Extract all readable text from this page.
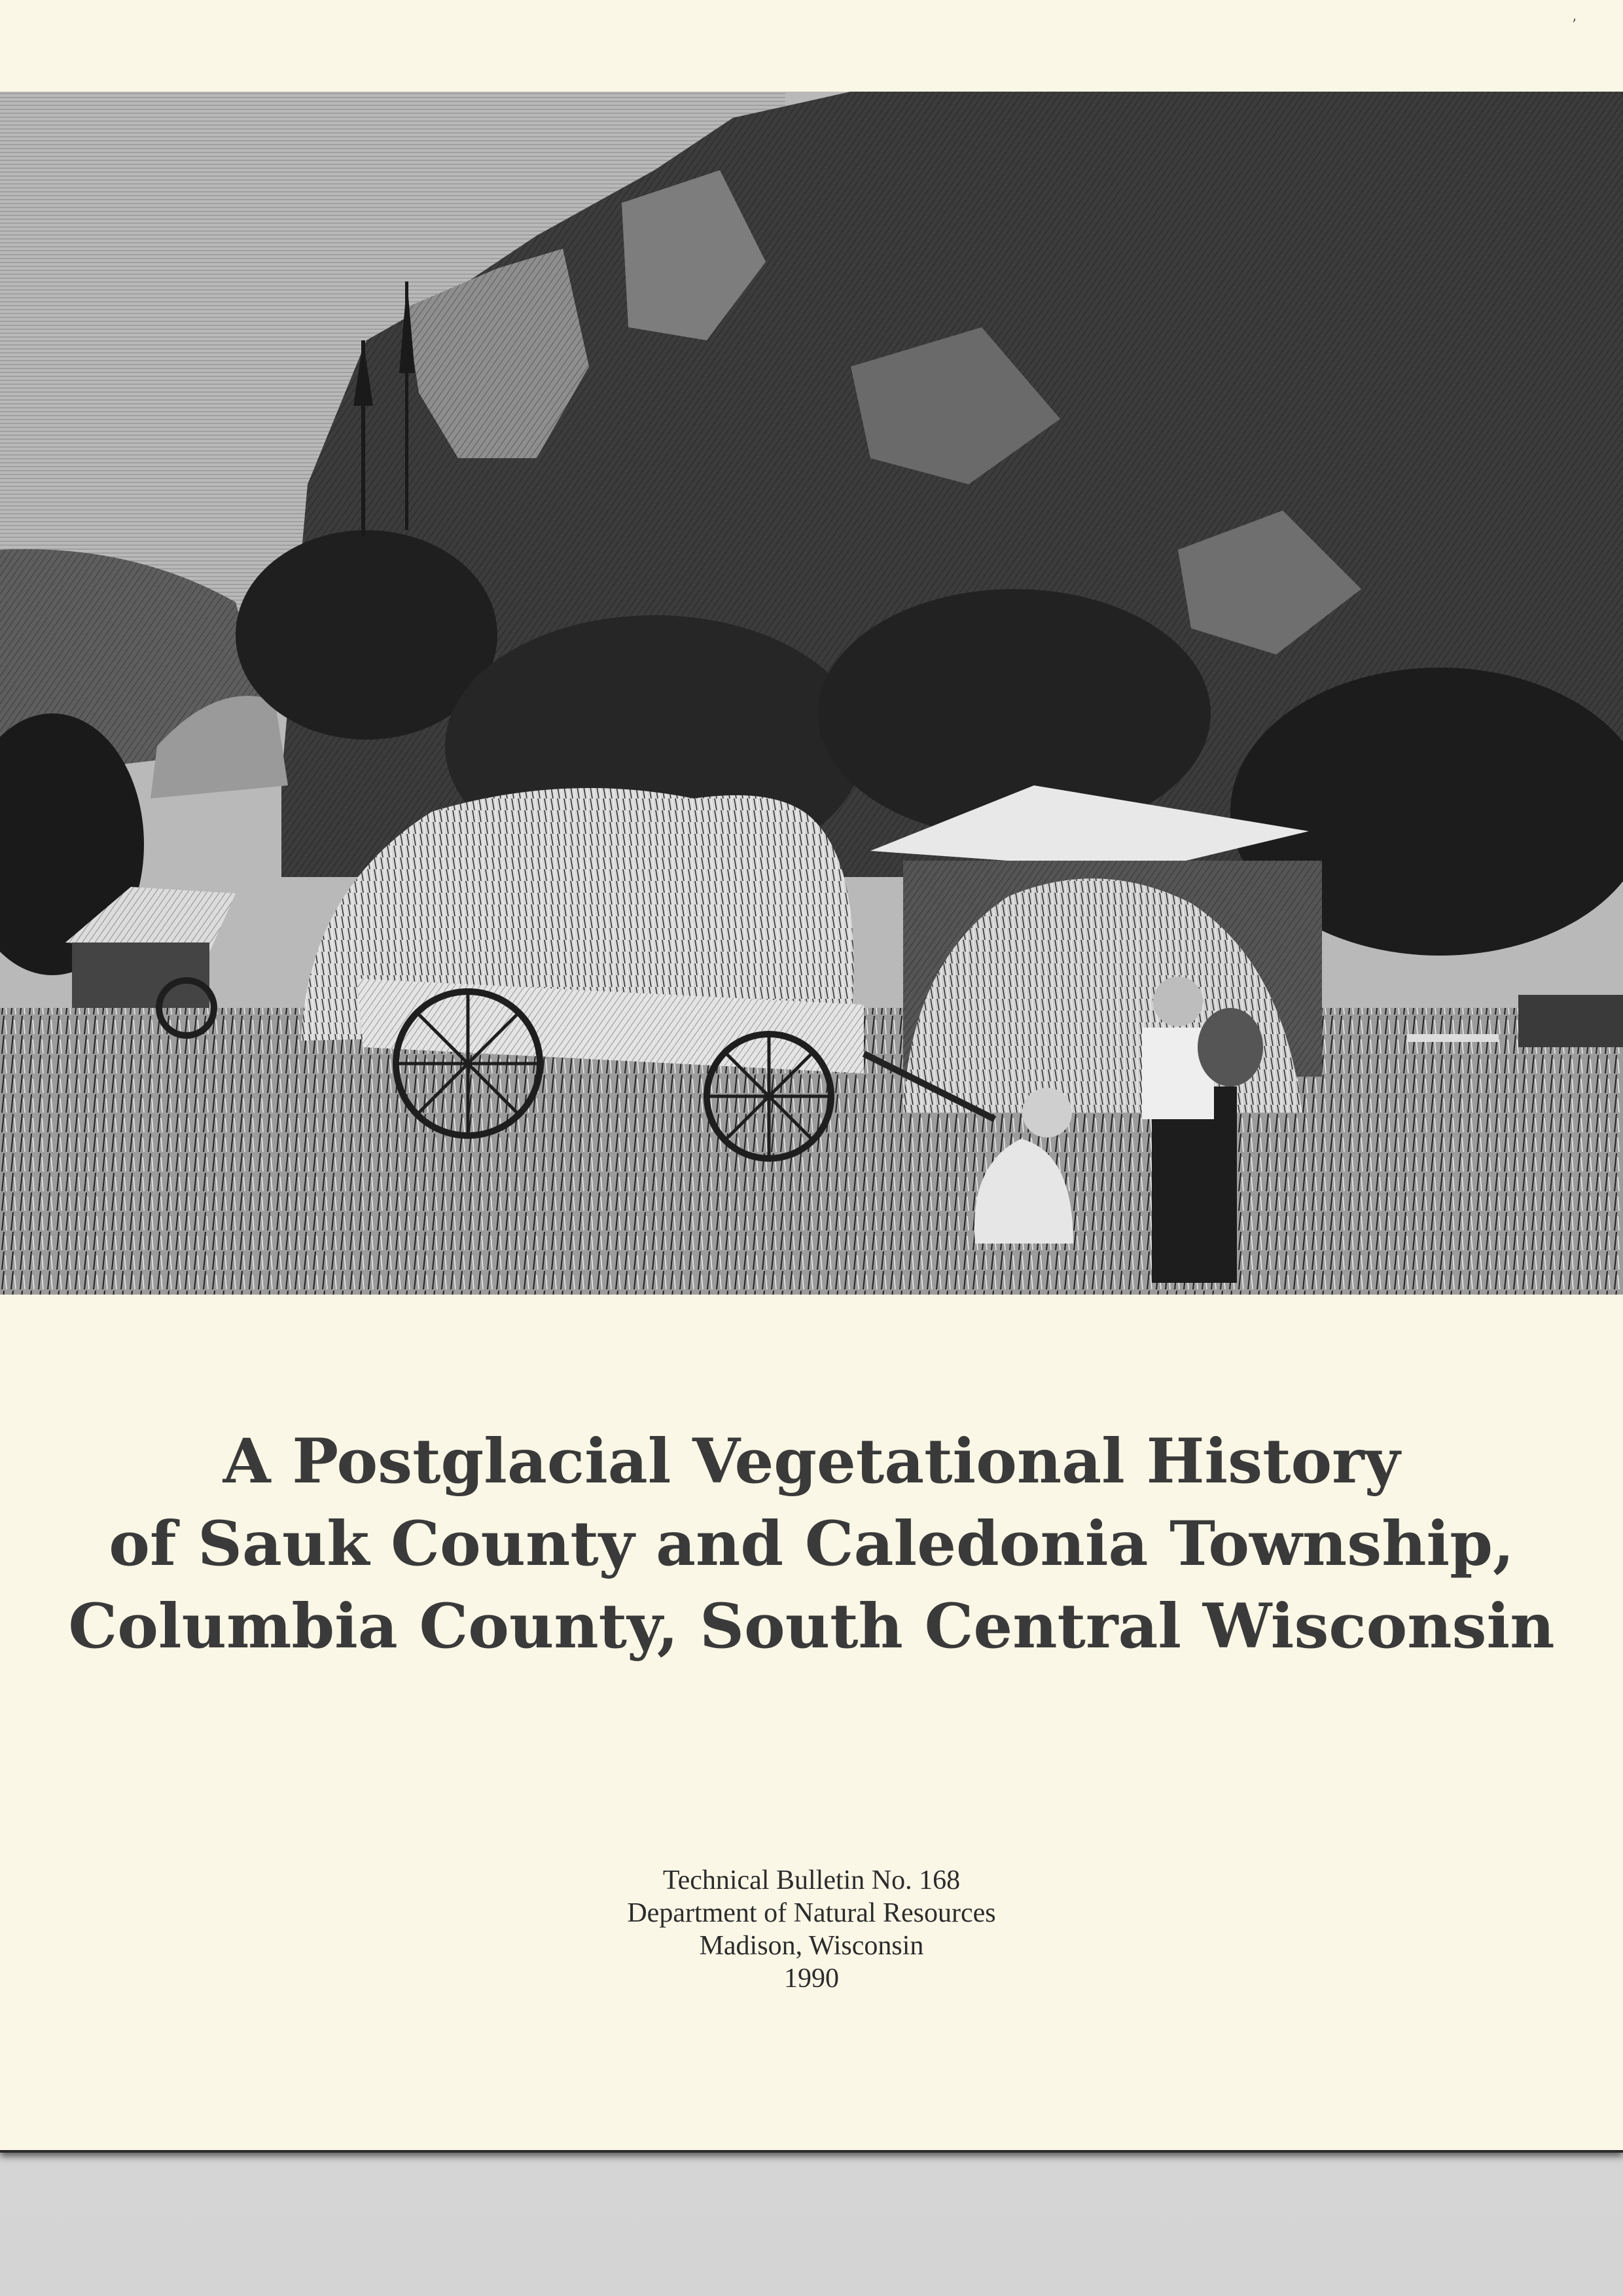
’
A Postglacial Vegetational History
of Sauk County and Caledonia Township,
Columbia County, South Central Wisconsin
Technical Bulletin No. 168
Department of Natural Resources
Madison, Wisconsin
1990
